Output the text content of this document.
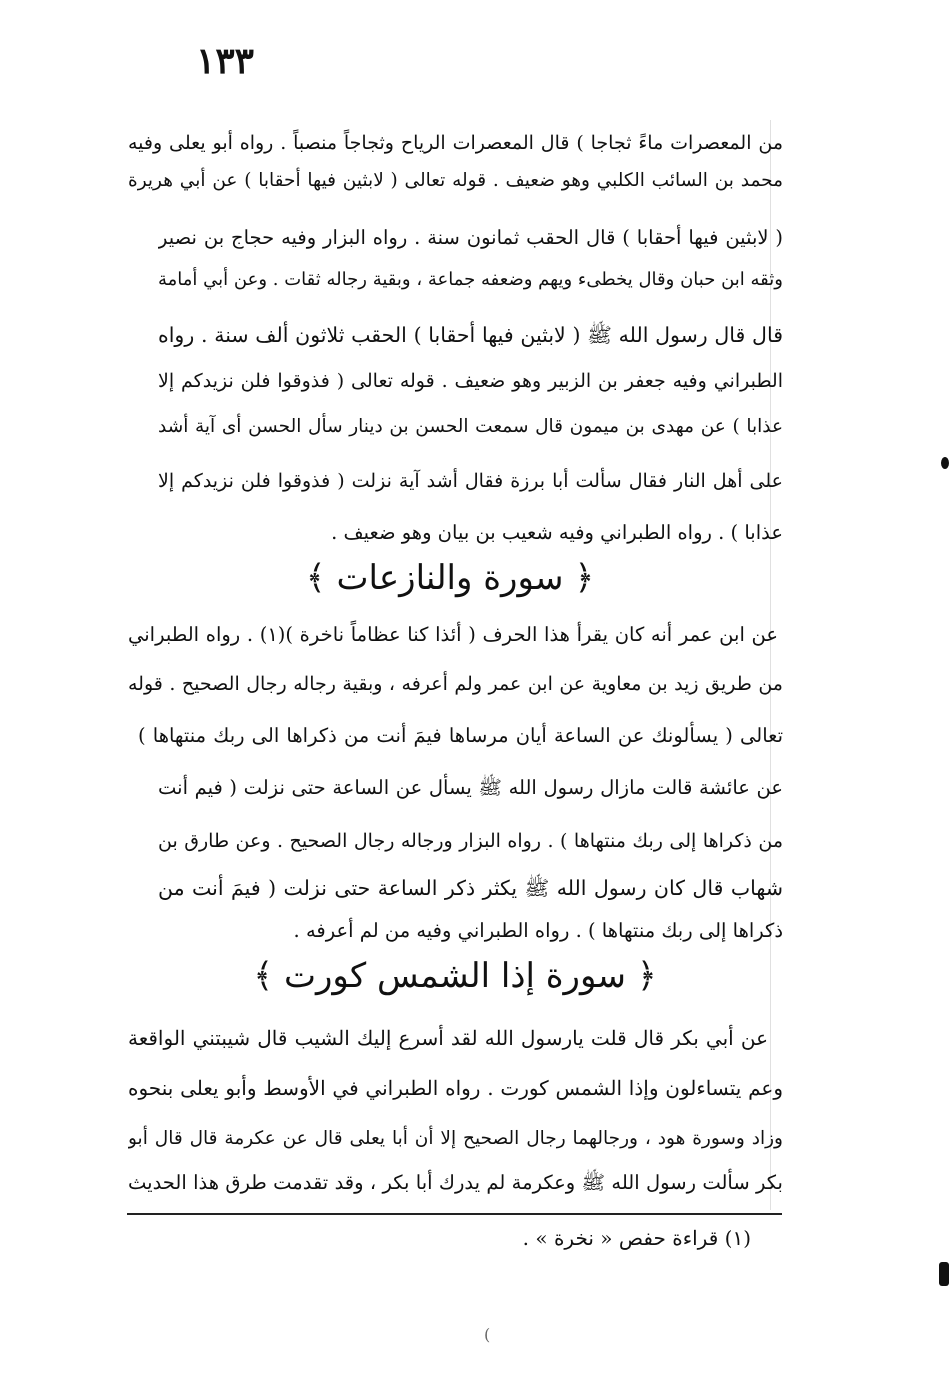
١٣٣
من المعصرات ماءً ثجاجا ) قال المعصرات الرياح وثجاجاً منصباً . رواه أبو يعلى وفيه
محمد بن السائب الكلبي وهو ضعيف . قوله تعالى ( لابثين فيها أحقابا ) عن أبي هريرة
( لابثين فيها أحقابا ) قال الحقب ثمانون سنة . رواه البزار وفيه حجاج بن نصير
وثقه ابن حبان وقال يخطىء ويهم وضعفه جماعة ، وبقية رجاله ثقات . وعن أبي أمامة
قال قال رسول الله ﷺ ( لابثين فيها أحقابا ) الحقب ثلاثون ألف سنة . رواه
الطبراني وفيه جعفر بن الزبير وهو ضعيف . قوله تعالى ( فذوقوا فلن نزيدكم إلا
عذابا ) عن مهدى بن ميمون قال سمعت الحسن بن دينار سأل الحسن أى آية أشد
على أهل النار فقال سألت أبا برزة فقال أشد آية نزلت ( فذوقوا فلن نزيدكم إلا
عذابا ) . رواه الطبراني وفيه شعيب بن بيان وهو ضعيف .
﴿ سورة والنازعات ﴾
عن ابن عمر أنه كان يقرأ هذا الحرف ( أئذا كنا عظاماً ناخرة )(١) . رواه الطبراني
من طريق زيد بن معاوية عن ابن عمر ولم أعرفه ، وبقية رجاله رجال الصحيح . قوله
تعالى ( يسألونك عن الساعة أيان مرساها فيمَ أنت من ذكراها الى ربك منتهاها )
عن عائشة قالت مازال رسول الله ﷺ يسأل عن الساعة حتى نزلت ( فيم أنت
من ذكراها إلى ربك منتهاها ) . رواه البزار ورجاله رجال الصحيح . وعن طارق بن
شهاب قال كان رسول الله ﷺ يكثر ذكر الساعة حتى نزلت ( فيمَ أنت من
ذكراها إلى ربك منتهاها ) . رواه الطبراني وفيه من لم أعرفه .
﴿ سورة إذا الشمس كورت ﴾
عن أبي بكر قال قلت يارسول الله لقد أسرع إليك الشيب قال شيبتني الواقعة
وعم يتساءلون وإذا الشمس كورت . رواه الطبراني في الأوسط وأبو يعلى بنحوه
وزاد وسورة هود ، ورجالهما رجال الصحيح إلا أن أبا يعلى قال عن عكرمة قال قال أبو
بكر سألت رسول الله ﷺ وعكرمة لم يدرك أبا بكر ، وقد تقدمت طرق هذا الحديث
(١) قراءة حفص « نخرة » .
(
